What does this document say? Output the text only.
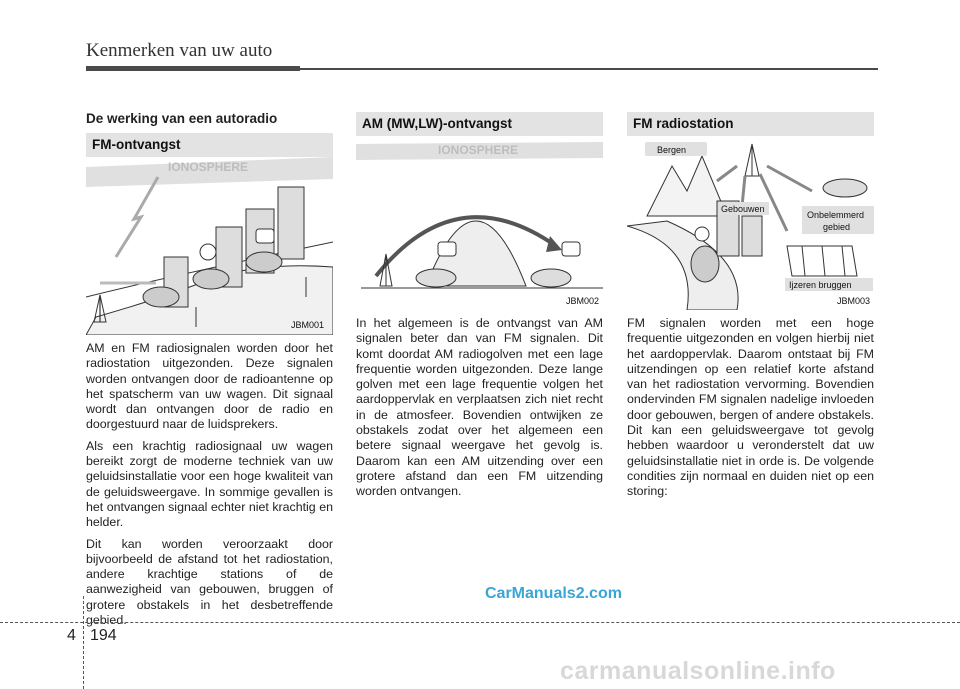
Kenmerken van uw auto
De werking van een autoradio
FM-ontvangst
IONOSPHERE
JBM001
AM (MW,LW)-ontvangst
IONOSPHERE
JBM002
FM radiostation
Bergen
Gebouwen
Onbelemmerd
gebied
Ijzeren bruggen
JBM003

AM en FM radiosignalen worden door het radiostation uitgezonden. Deze signalen worden ontvangen door de radioantenne op het spatscherm van uw wagen. Dit signaal wordt dan ontvangen door de radio en doorgestuurd naar de luidsprekers.

Als een krachtig radiosignaal uw wagen bereikt zorgt de moderne techniek van uw geluidsinstallatie voor een hoge kwaliteit van de geluidsweergave. In sommige gevallen is het ontvangen signaal echter niet krachtig en helder.

Dit kan worden veroorzaakt door bijvoorbeeld de afstand tot het radiostation, andere krachtige stations of de aanwezigheid van gebouwen, bruggen of grotere obstakels in het desbetreffende gebied.

In het algemeen is de ontvangst van AM signalen beter dan van FM signalen. Dit komt doordat AM radiogolven met een lage frequentie worden uitgezonden. Deze lange golven met een lage frequentie volgen het aardoppervlak en verplaatsen zich niet recht in de atmosfeer. Bovendien ontwijken ze obstakels zodat over het algemeen een betere signaal weergave het gevolg is. Daarom kan een AM uitzending over een grotere afstand dan een FM uitzending worden ontvangen.

FM signalen worden met een hoge frequentie uitgezonden en volgen hierbij niet het aardoppervlak. Daarom ontstaat bij FM uitzendingen op een relatief korte afstand van het radiostation vervorming. Bovendien ondervinden FM signalen nadelige invloeden door gebouwen, bergen of andere obstakels. Dit kan een geluidsweergave tot gevolg hebben waardoor u veronderstelt dat uw geluidsinstallatie niet in orde is. De volgende condities zijn normaal en duiden niet op een storing:

CarManuals2.com
4 194
carmanualsonline.info
